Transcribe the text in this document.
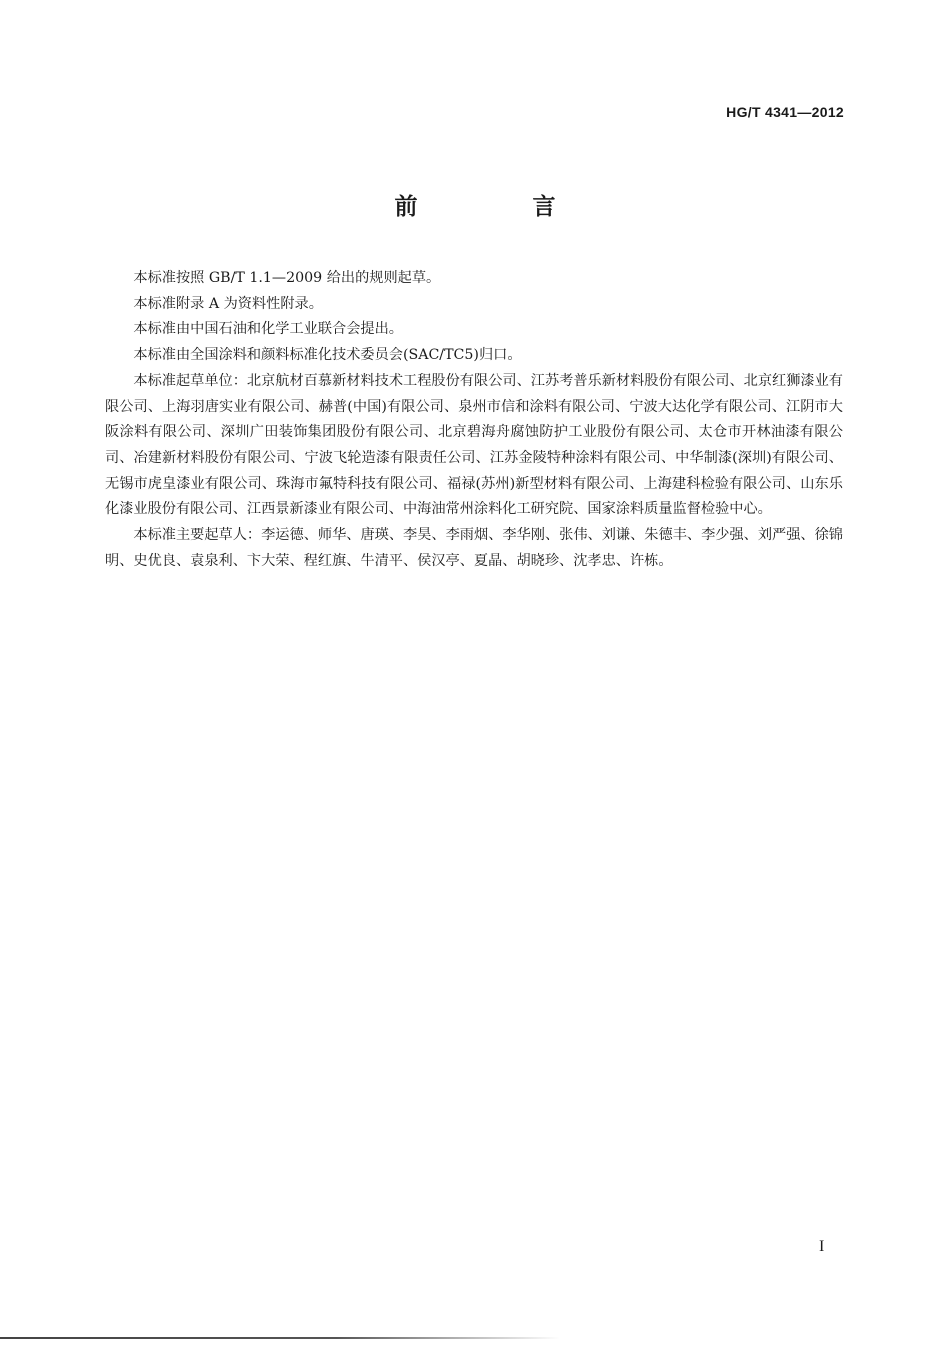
HG/T 4341—2012
前　言

本标准按照 GB/T 1.1—2009 给出的规则起草。

本标准附录 A 为资料性附录。

本标准由中国石油和化学工业联合会提出。

本标准由全国涂料和颜料标准化技术委员会(SAC/TC5)归口。

本标准起草单位：北京航材百慕新材料技术工程股份有限公司、江苏考普乐新材料股份有限公司、北京红狮漆业有限公司、上海羽唐实业有限公司、赫普(中国)有限公司、泉州市信和涂料有限公司、宁波大达化学有限公司、江阴市大阪涂料有限公司、深圳广田装饰集团股份有限公司、北京碧海舟腐蚀防护工业股份有限公司、太仓市开林油漆有限公司、冶建新材料股份有限公司、宁波飞轮造漆有限责任公司、江苏金陵特种涂料有限公司、中华制漆(深圳)有限公司、无锡市虎皇漆业有限公司、珠海市氟特科技有限公司、福禄(苏州)新型材料有限公司、上海建科检验有限公司、山东乐化漆业股份有限公司、江西景新漆业有限公司、中海油常州涂料化工研究院、国家涂料质量监督检验中心。

本标准主要起草人：李运德、师华、唐瑛、李昊、李雨烟、李华刚、张伟、刘谦、朱德丰、李少强、刘严强、徐锦明、史优良、袁泉利、卞大荣、程红旗、牛清平、侯汉亭、夏晶、胡晓珍、沈孝忠、许栋。

I
